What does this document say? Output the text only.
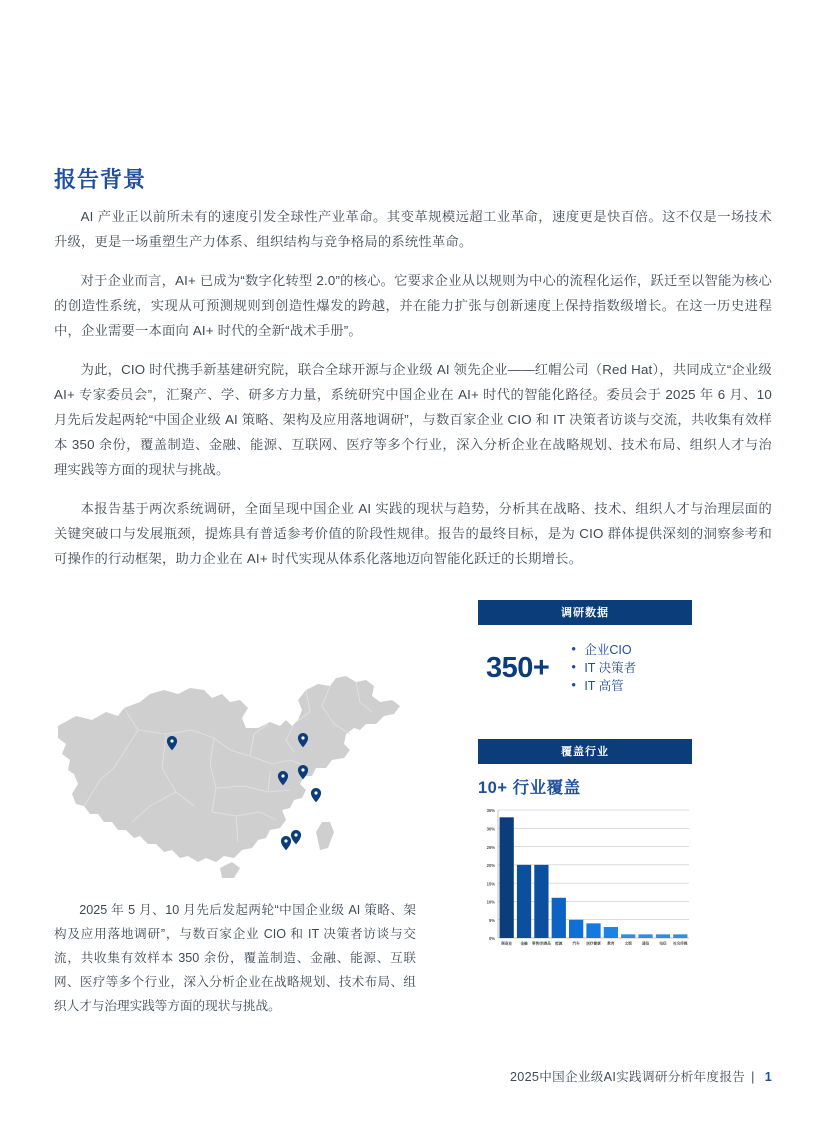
报告背景

AI 产业正以前所未有的速度引发全球性产业革命。其变革规模远超工业革命，速度更是快百倍。这不仅是一场技术升级，更是一场重塑生产力体系、组织结构与竞争格局的系统性革命。

对于企业而言，AI+ 已成为“数字化转型 2.0”的核心。它要求企业从以规则为中心的流程化运作，跃迁至以智能为核心的创造性系统，实现从可预测规则到创造性爆发的跨越，并在能力扩张与创新速度上保持指数级增长。在这一历史进程中，企业需要一本面向 AI+ 时代的全新“战术手册”。

为此，CIO 时代携手新基建研究院，联合全球开源与企业级 AI 领先企业——红帽公司（Red Hat），共同成立“企业级 AI+ 专家委员会”，汇聚产、学、研多方力量，系统研究中国企业在 AI+ 时代的智能化路径。委员会于 2025 年 6 月、10 月先后发起两轮“中国企业级 AI 策略、架构及应用落地调研”，与数百家企业 CIO 和 IT 决策者访谈与交流，共收集有效样本 350 余份，覆盖制造、金融、能源、互联网、医疗等多个行业，深入分析企业在战略规划、技术布局、组织人才与治理实践等方面的现状与挑战。

本报告基于两次系统调研，全面呈现中国企业 AI 实践的现状与趋势，分析其在战略、技术、组织人才与治理层面的关键突破口与发展瓶颈，提炼具有普适参考价值的阶段性规律。报告的最终目标，是为 CIO 群体提供深刻的洞察参考和可操作的行动框架，助力企业在 AI+ 时代实现从体系化落地迈向智能化跃迁的长期增长。

2025 年 5 月、10 月先后发起两轮“中国企业级 AI 策略、架构及应用落地调研”，与数百家企业 CIO 和 IT 决策者访谈与交流，共收集有效样本 350 余份，覆盖制造、金融、能源、互联网、医疗等多个行业，深入分析企业在战略规划、技术布局、组织人才与治理实践等方面的现状与挑战。
调研数据
350+
• 企业CIO
• IT 决策者
• IT 高管
覆盖行业
10+ 行业覆盖
0%
5%
10%
15%
20%
25%
30%
35%
制造业 金融 零售/消费品 能源	汽车 医疗健康 教育	文娱	通信	电信 社交传媒
2025中国企业级AI实践调研分析年度报告 | 1
